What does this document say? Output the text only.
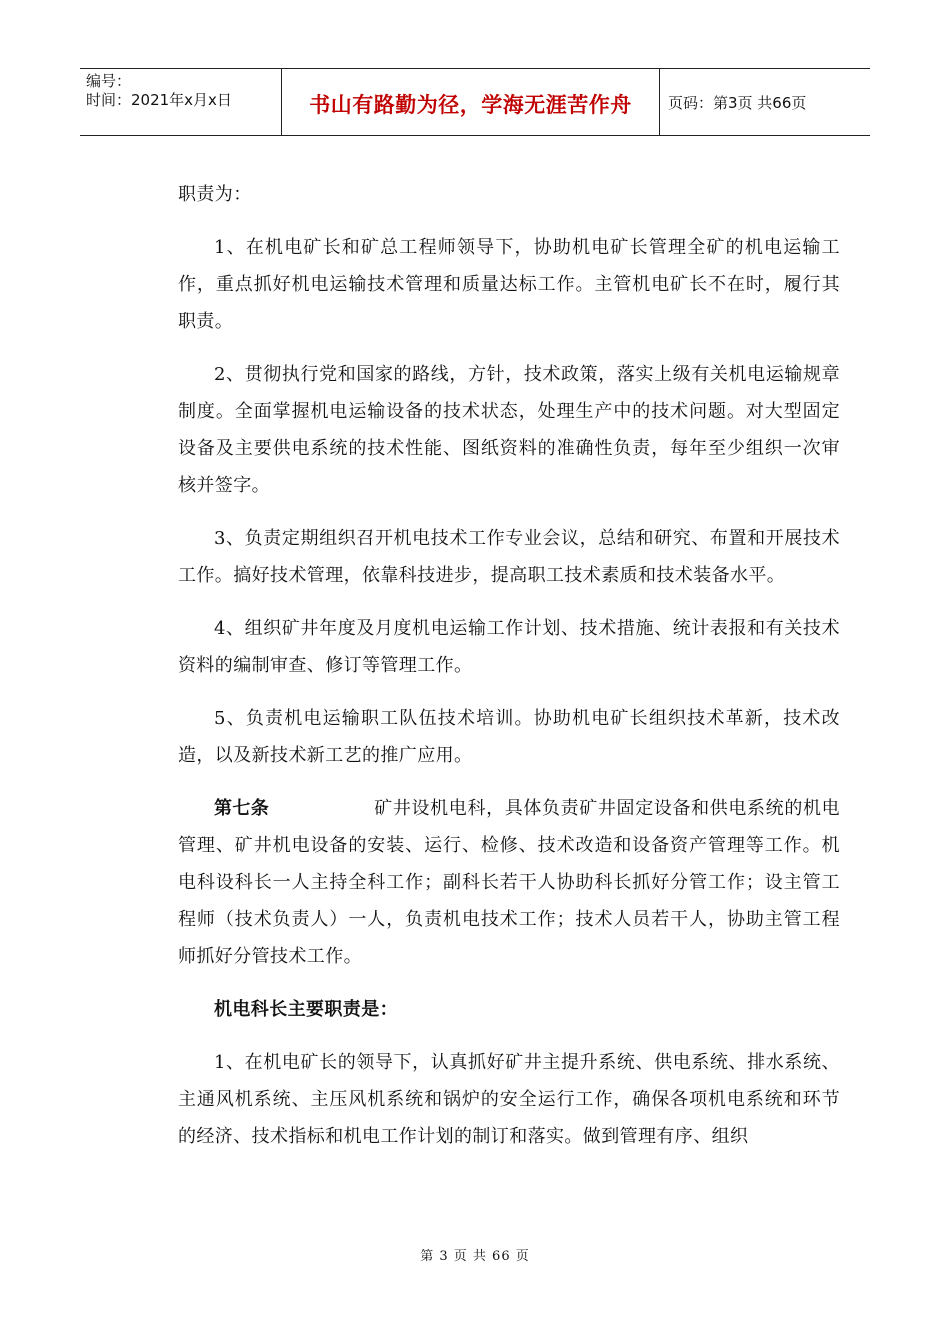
编号：
时间：2021年x月x日	书山有路勤为径，学海无涯苦作舟 页码：第3页 共66页

职责为：

1、在机电矿长和矿总工程师领导下，协助机电矿长管理全矿的机电运输工作，重点抓好机电运输技术管理和质量达标工作。主管机电矿长不在时，履行其职责。

2、贯彻执行党和国家的路线，方针，技术政策，落实上级有关机电运输规章制度。全面掌握机电运输设备的技术状态，处理生产中的技术问题。对大型固定设备及主要供电系统的技术性能、图纸资料的准确性负责，每年至少组织一次审核并签字。

3、负责定期组织召开机电技术工作专业会议，总结和研究、布置和开展技术工作。搞好技术管理，依靠科技进步，提高职工技术素质和技术装备水平。

4、组织矿井年度及月度机电运输工作计划、技术措施、统计表报和有关技术资料的编制审查、修订等管理工作。

5、负责机电运输职工队伍技术培训。协助机电矿长组织技术革新，技术改造，以及新技术新工艺的推广应用。

第七条	矿井设机电科，具体负责矿井固定设备和供电系统的机电管理、矿井机电设备的安装、运行、检修、技术改造和设备资产管理等工作。机电科设科长一人主持全科工作；副科长若干人协助科长抓好分管工作；设主管工程师（技术负责人）一人，负责机电技术工作；技术人员若干人，协助主管工程师抓好分管技术工作。

机电科长主要职责是：

1、在机电矿长的领导下，认真抓好矿井主提升系统、供电系统、排水系统、主通风机系统、主压风机系统和锅炉的安全运行工作，确保各项机电系统和环节的经济、技术指标和机电工作计划的制订和落实。做到管理有序、组织

第 3 页 共 66 页
